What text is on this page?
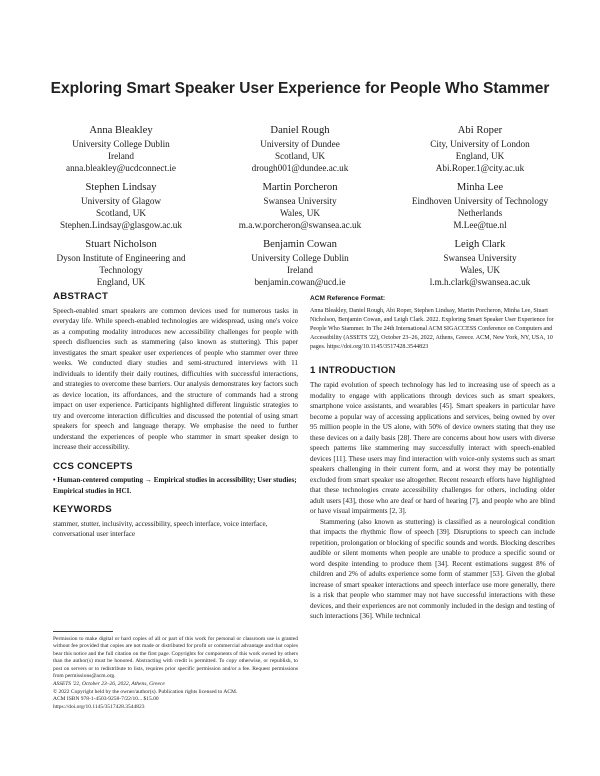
Exploring Smart Speaker User Experience for People Who Stammer
Anna Bleakley
University College Dublin
Ireland
anna.bleakley@ucdconnect.ie
Daniel Rough
University of Dundee
Scotland, UK
drough001@dundee.ac.uk
Abi Roper
City, University of London
England, UK
Abi.Roper.1@city.ac.uk
Stephen Lindsay
University of Glagow
Scotland, UK
Stephen.Lindsay@glasgow.ac.uk
Martin Porcheron
Swansea University
Wales, UK
m.a.w.porcheron@swansea.ac.uk
Minha Lee
Eindhoven University of Technology
Netherlands
M.Lee@tue.nl
Stuart Nicholson
Dyson Institute of Engineering and Technology
England, UK
Benjamin Cowan
University College Dublin
Ireland
benjamin.cowan@ucd.ie
Leigh Clark
Swansea University
Wales, UK
l.m.h.clark@swansea.ac.uk
ABSTRACT

Speech-enabled smart speakers are common devices used for numerous tasks in everyday life. While speech-enabled technologies are widespread, using one's voice as a computing modality introduces new accessibility challenges for people with speech disfluencies such as stammering (also known as stuttering). This paper investigates the smart speaker user experiences of people who stammer over three weeks. We conducted diary studies and semi-structured interviews with 11 individuals to identify their daily routines, difficulties with successful interactions, and strategies to overcome these barriers. Our analysis demonstrates key factors such as device location, its affordances, and the structure of commands had a strong impact on user experience. Participants highlighted different linguistic strategies to try and overcome interaction difficulties and discussed the potential of using smart speakers for speech and language therapy. We emphasise the need to further understand the experiences of people who stammer in smart speaker design to increase their accessibility.

CCS CONCEPTS

• Human-centered computing → Empirical studies in accessibility; User studies; Empirical studies in HCI.

KEYWORDS

stammer, stutter, inclusivity, accessibility, speech interface, voice interface, conversational user interface

Permission to make digital or hard copies of all or part of this work for personal or classroom use is granted without fee provided that copies are not made or distributed for profit or commercial advantage and that copies bear this notice and the full citation on the first page. Copyrights for components of this work owned by others than the author(s) must be honored. Abstracting with credit is permitted. To copy otherwise, or republish, to post on servers or to redistribute to lists, requires prior specific permission and/or a fee. Request permissions from permissions@acm.org.

ASSETS '22, October 23–26, 2022, Athens, Greece

© 2022 Copyright held by the owner/author(s). Publication rights licensed to ACM.

ACM ISBN 978-1-4503-9258-7/22/10... $15.00

https://doi.org/10.1145/3517428.3544823

ACM Reference Format:

Anna Bleakley, Daniel Rough, Abi Roper, Stephen Lindsay, Martin Porcheron, Minha Lee, Stuart Nicholson, Benjamin Cowan, and Leigh Clark. 2022. Exploring Smart Speaker User Experience for People Who Stammer. In The 24th International ACM SIGACCESS Conference on Computers and Accessibility (ASSETS '22), October 23–26, 2022, Athens, Greece. ACM, New York, NY, USA, 10 pages. https://doi.org/10.1145/3517428.3544823

1 INTRODUCTION

The rapid evolution of speech technology has led to increasing use of speech as a modality to engage with applications through devices such as smart speakers, smartphone voice assistants, and wearables [45]. Smart speakers in particular have become a popular way of accessing applications and services, being owned by over 95 million people in the US alone, with 50% of device owners stating that they use these devices on a daily basis [28]. There are concerns about how users with diverse speech patterns like stammering may successfully interact with speech-enabled devices [11]. These users may find interaction with voice-only systems such as smart speakers challenging in their current form, and at worst they may be potentially excluded from smart speaker use altogether. Recent research efforts have highlighted that these technologies create accessibility challenges for others, including older adult users [43], those who are deaf or hard of hearing [7], and people who are blind or have visual impairments [2, 3].

Stammering (also known as stuttering) is classified as a neurological condition that impacts the rhythmic flow of speech [39]. Disruptions to speech can include repetition, prolongation or blocking of specific sounds and words. Blocking describes audible or silent moments when people are unable to produce a specific sound or word despite intending to produce them [34]. Recent estimations suggest 8% of children and 2% of adults experience some form of stammer [53]. Given the global increase of smart speaker interactions and speech interface use more generally, there is a risk that people who stammer may not have successful interactions with these devices, and their experiences are not commonly included in the design and testing of such interactions [36]. While technical
